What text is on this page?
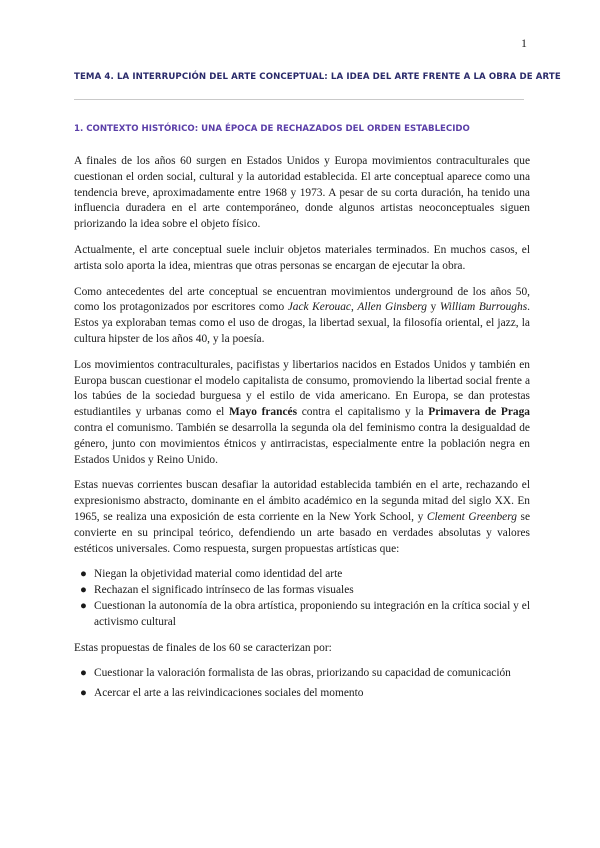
1
TEMA 4. LA INTERRUPCIÓN DEL ARTE CONCEPTUAL: LA IDEA DEL ARTE FRENTE A LA OBRA DE ARTE
1. CONTEXTO HISTÓRICO: UNA ÉPOCA DE RECHAZADOS DEL ORDEN ESTABLECIDO

A finales de los años 60 surgen en Estados Unidos y Europa movimientos contraculturales que cuestionan el orden social, cultural y la autoridad establecida. El arte conceptual aparece como una tendencia breve, aproximadamente entre 1968 y 1973. A pesar de su corta duración, ha tenido una influencia duradera en el arte contemporáneo, donde algunos artistas neoconceptuales siguen priorizando la idea sobre el objeto físico.

Actualmente, el arte conceptual suele incluir objetos materiales terminados. En muchos casos, el artista solo aporta la idea, mientras que otras personas se encargan de ejecutar la obra.

Como antecedentes del arte conceptual se encuentran movimientos underground de los años 50, como los protagonizados por escritores como Jack Kerouac, Allen Ginsberg y William Burroughs. Estos ya exploraban temas como el uso de drogas, la libertad sexual, la filosofía oriental, el jazz, la cultura hipster de los años 40, y la poesía.

Los movimientos contraculturales, pacifistas y libertarios nacidos en Estados Unidos y también en Europa buscan cuestionar el modelo capitalista de consumo, promoviendo la libertad social frente a los tabúes de la sociedad burguesa y el estilo de vida americano. En Europa, se dan protestas estudiantiles y urbanas como el Mayo francés contra el capitalismo y la Primavera de Praga contra el comunismo. También se desarrolla la segunda ola del feminismo contra la desigualdad de género, junto con movimientos étnicos y antirracistas, especialmente entre la población negra en Estados Unidos y Reino Unido.

Estas nuevas corrientes buscan desafiar la autoridad establecida también en el arte, rechazando el expresionismo abstracto, dominante en el ámbito académico en la segunda mitad del siglo XX. En 1965, se realiza una exposición de esta corriente en la New York School, y Clement Greenberg se convierte en su principal teórico, defendiendo un arte basado en verdades absolutas y valores estéticos universales. Como respuesta, surgen propuestas artísticas que:

● Niegan la objetividad material como identidad del arte
● Rechazan el significado intrínseco de las formas visuales
● Cuestionan la autonomía de la obra artística, proponiendo su integración en la crítica social y el activismo cultural

Estas propuestas de finales de los 60 se caracterizan por:

● Cuestionar la valoración formalista de las obras, priorizando su capacidad de comunicación
● Acercar el arte a las reivindicaciones sociales del momento
